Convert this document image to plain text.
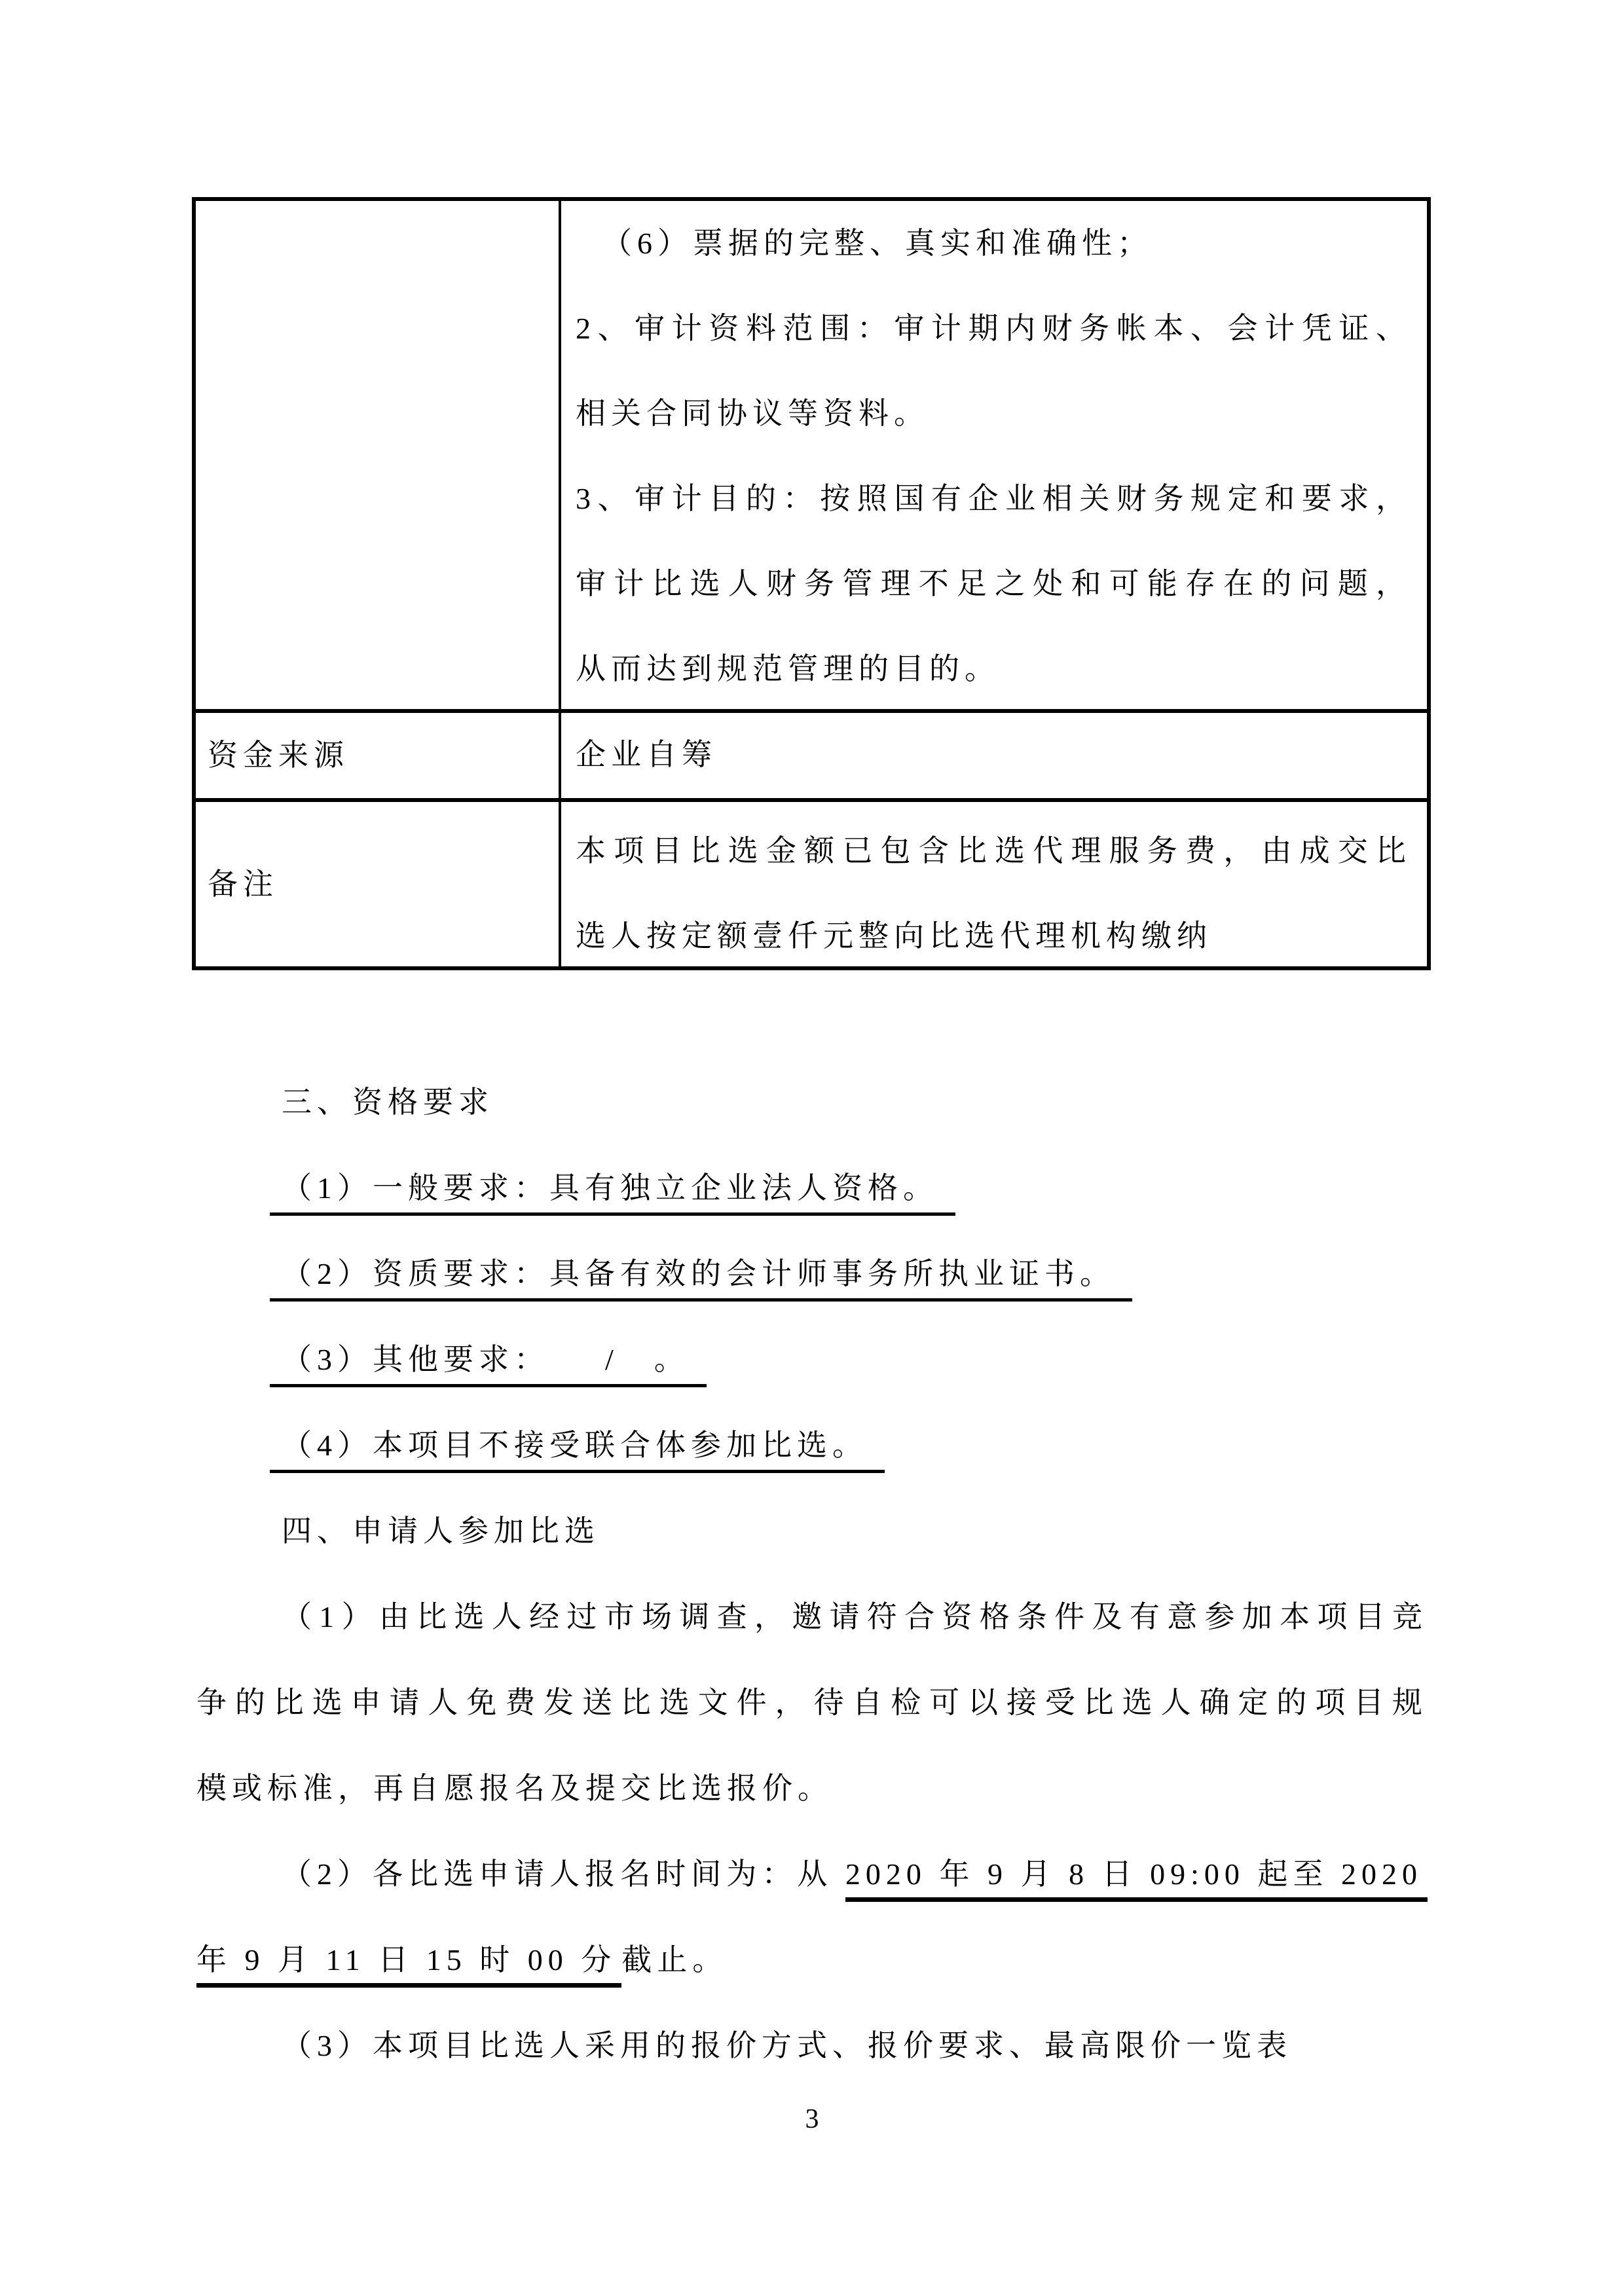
（6）票据的完整、真实和准确性；
2、审计资料范围：审计期内财务帐本、会计凭证、
相关合同协议等资料。
3、审计目的：按照国有企业相关财务规定和要求，
审计比选人财务管理不足之处和可能存在的问题，
从而达到规范管理的目的。
资金来源	企业自筹
备注
本项目比选金额已包含比选代理服务费，由成交比
选人按定额壹仟元整向比选代理机构缴纳
三、资格要求
（1）一般要求：具有独立企业法人资格。
（2）资质要求：具备有效的会计师事务所执业证书。
（3）其他要求：　　/　。
（4）本项目不接受联合体参加比选。
四、申请人参加比选
（1）由比选人经过市场调查，邀请符合资格条件及有意参加本项目竞
争的比选申请人免费发送比选文件，待自检可以接受比选人确定的项目规
模或标准，再自愿报名及提交比选报价。
（2）各比选申请人报名时间为：从 2020 年 9 月 8 日 09:00 起至 2020
年 9 月 11 日 15 时 00 分 截止。
（3）本项目比选人采用的报价方式、报价要求、最高限价一览表
3
